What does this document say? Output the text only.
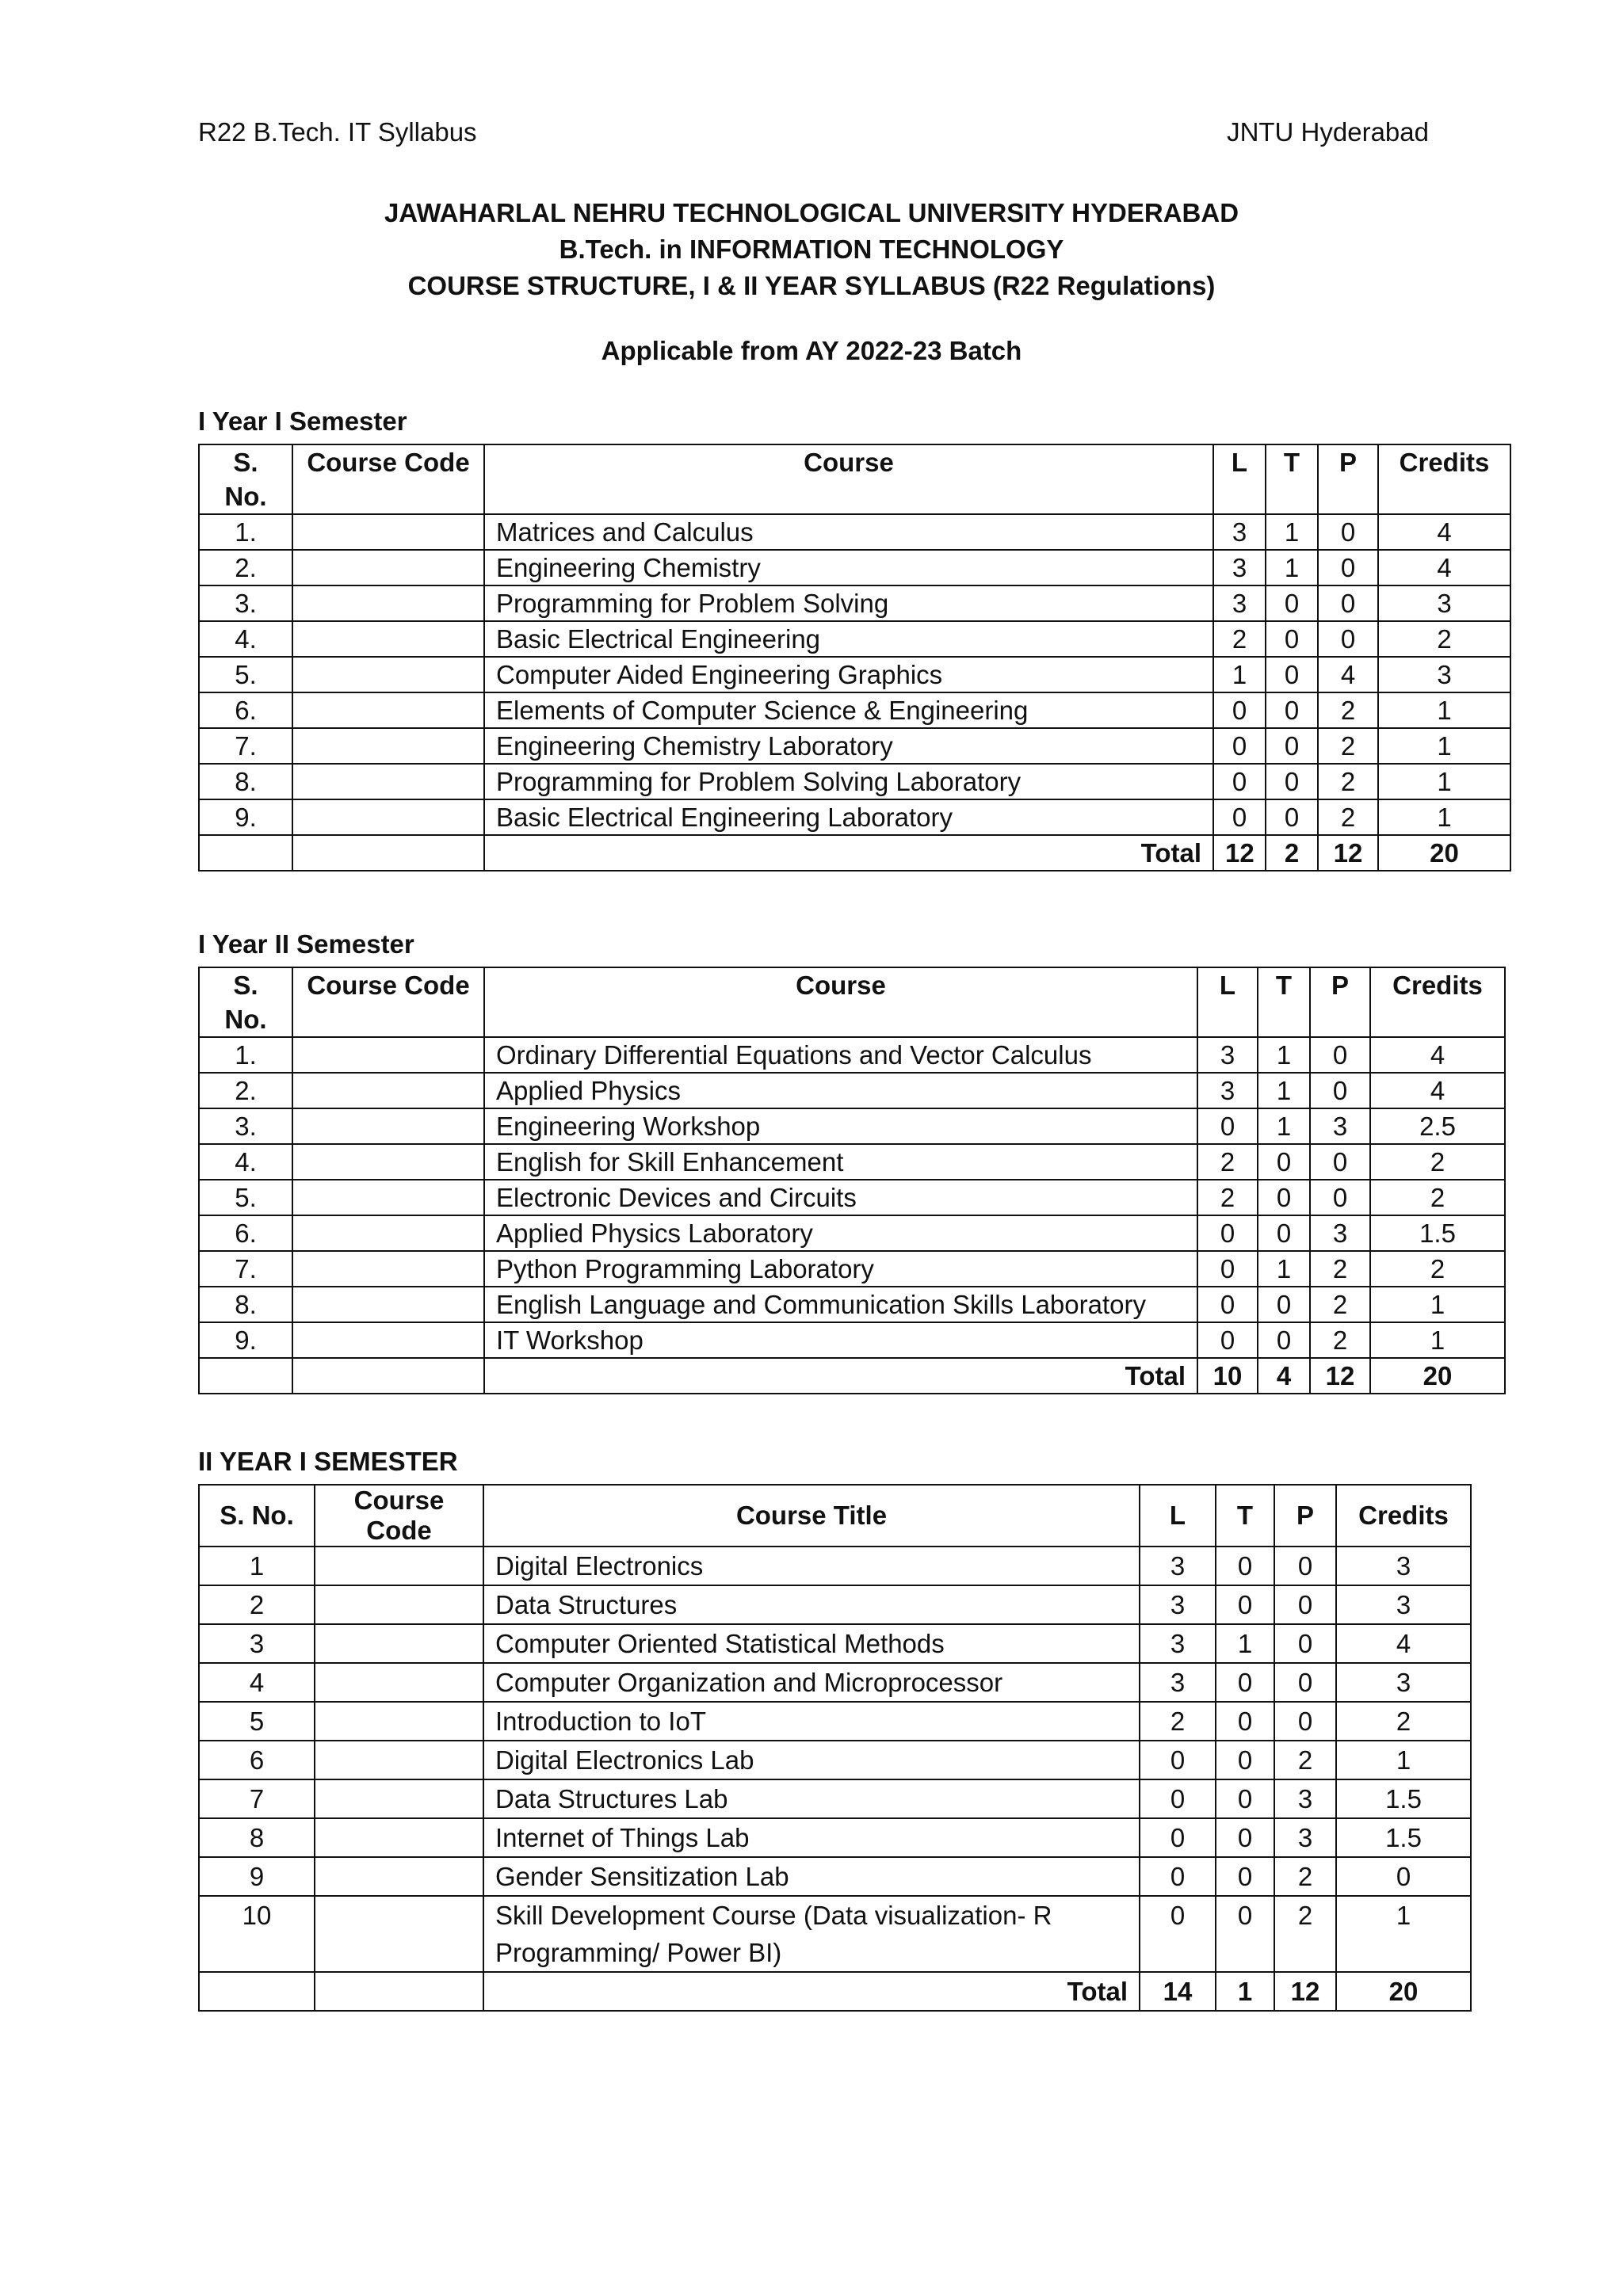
R22 B.Tech. IT Syllabus	JNTU Hyderabad
JAWAHARLAL NEHRU TECHNOLOGICAL UNIVERSITY HYDERABAD
B.Tech. in INFORMATION TECHNOLOGY
COURSE STRUCTURE, I & II YEAR SYLLABUS (R22 Regulations)
Applicable from AY 2022-23 Batch
I Year I Semester
S. No.	Course Code	Course	L	T	P	Credits
1.		Matrices and Calculus	3	1	0	4
2.		Engineering Chemistry	3	1	0	4
3.		Programming for Problem Solving	3	0	0	3
4.		Basic Electrical Engineering	2	0	0	2
5.		Computer Aided Engineering Graphics	1	0	4	3
6.		Elements of Computer Science & Engineering	0	0	2	1
7.		Engineering Chemistry Laboratory	0	0	2	1
8.		Programming for Problem Solving Laboratory	0	0	2	1
9.		Basic Electrical Engineering Laboratory	0	0	2	1
		Total	12	2	12	20
I Year II Semester
S. No.	Course Code	Course	L	T	P	Credits
1.		Ordinary Differential Equations and Vector Calculus	3	1	0	4
2.		Applied Physics	3	1	0	4
3.		Engineering Workshop	0	1	3	2.5
4.		English for Skill Enhancement	2	0	0	2
5.		Electronic Devices and Circuits	2	0	0	2
6.		Applied Physics Laboratory	0	0	3	1.5
7.		Python Programming Laboratory	0	1	2	2
8.		English Language and Communication Skills Laboratory	0	0	2	1
9.		IT Workshop	0	0	2	1
		Total	10	4	12	20
II YEAR I SEMESTER
S. No.	Course Code	Course Title	L	T	P	Credits
1		Digital Electronics	3	0	0	3
2		Data Structures	3	0	0	3
3		Computer Oriented Statistical Methods	3	1	0	4
4		Computer Organization and Microprocessor	3	0	0	3
5		Introduction to IoT	2	0	0	2
6		Digital Electronics Lab	0	0	2	1
7		Data Structures Lab	0	0	3	1.5
8		Internet of Things Lab	0	0	3	1.5
9		Gender Sensitization Lab	0	0	2	0
10		Skill Development Course (Data visualization- R Programming/ Power BI)	0	0	2	1
		Total	14	1	12	20
